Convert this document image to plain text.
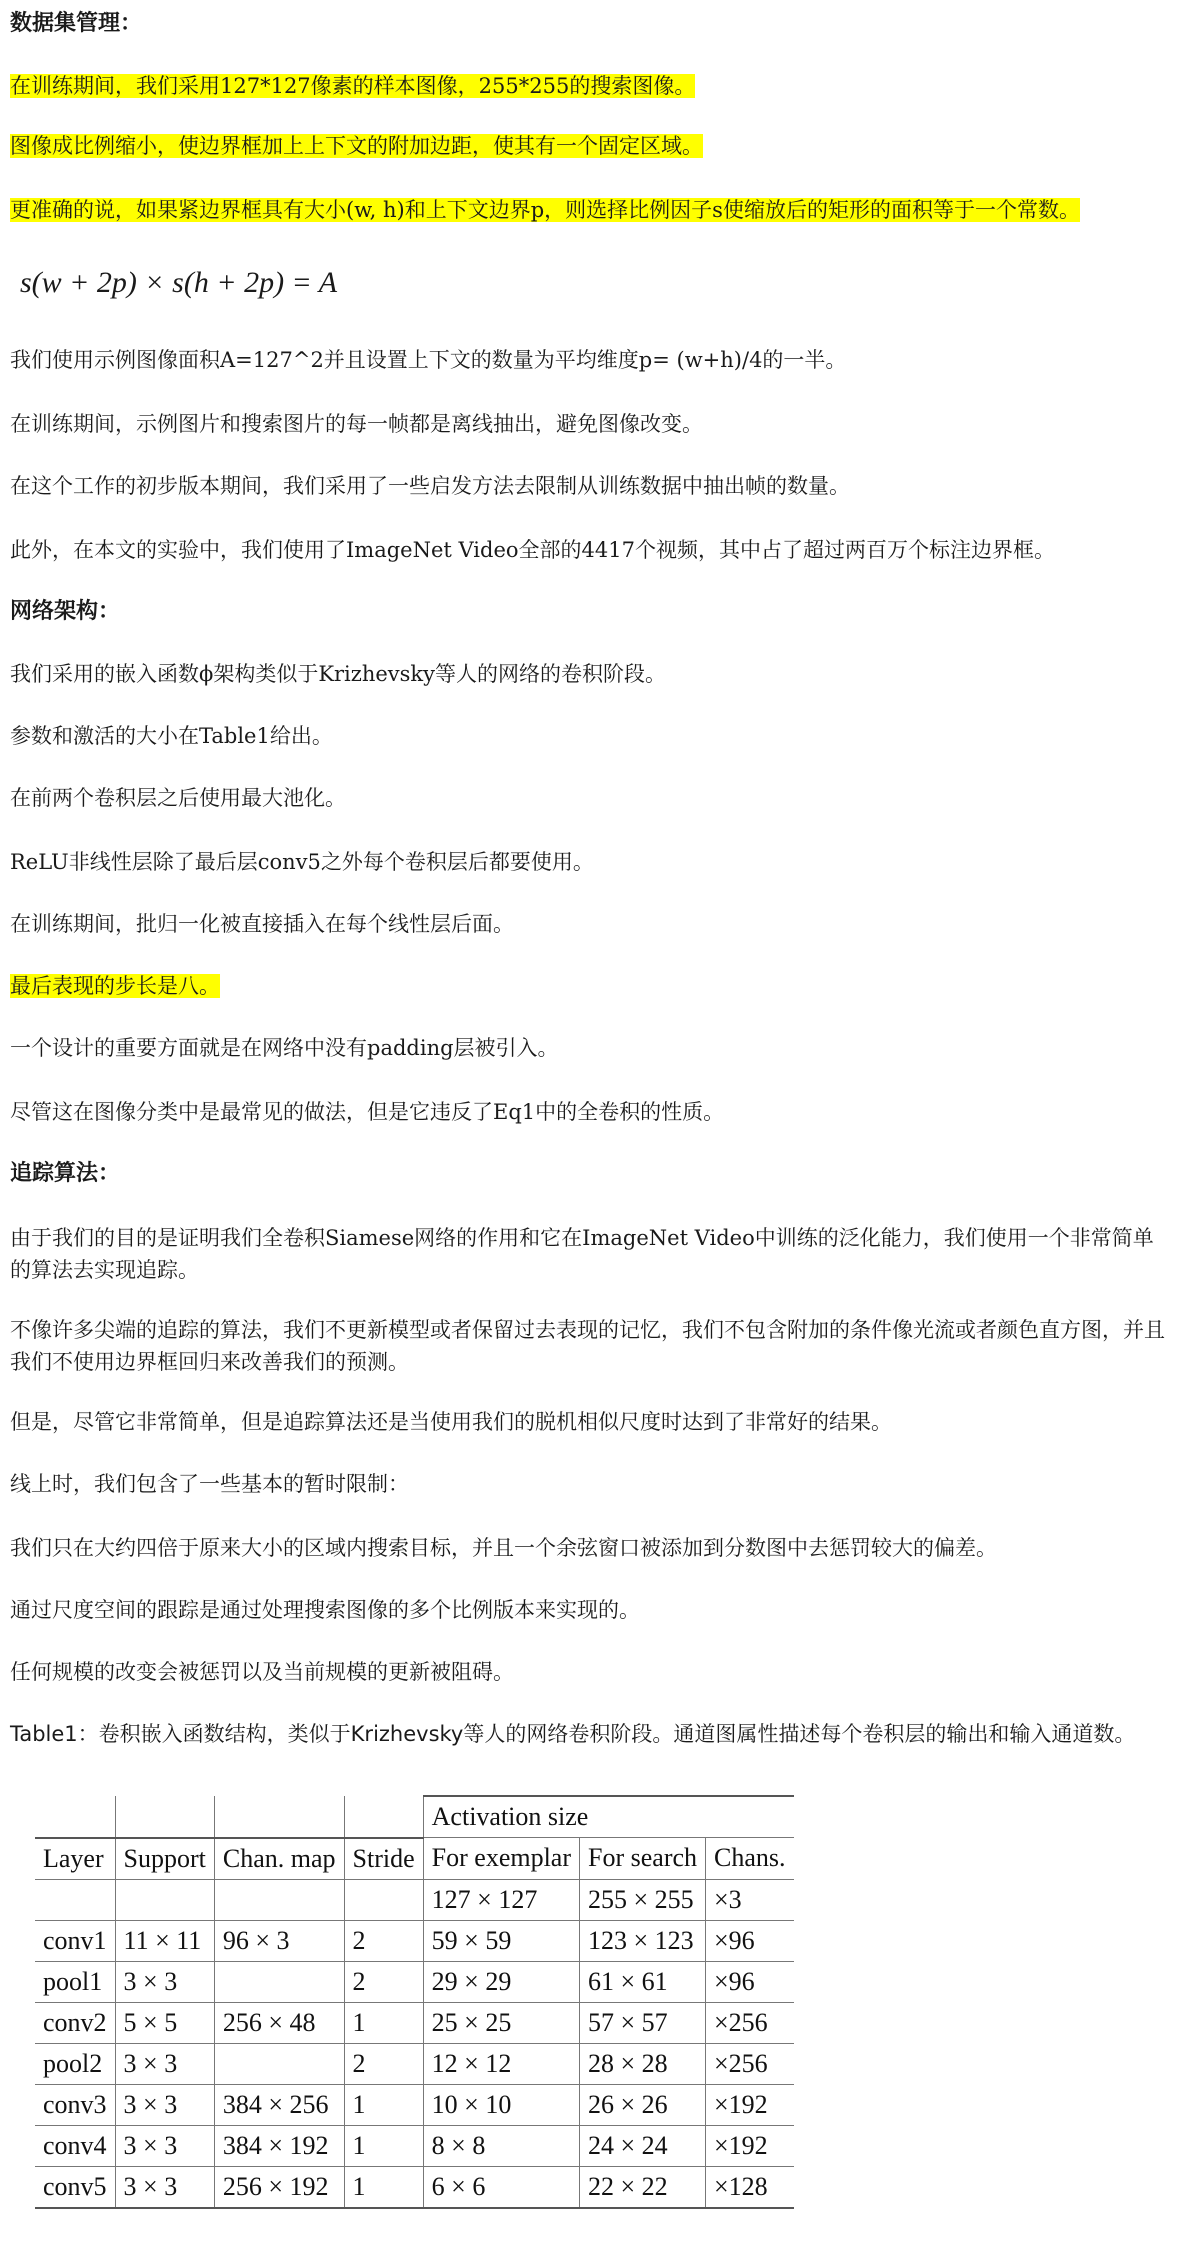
数据集管理：

在训练期间，我们采用127*127像素的样本图像，255*255的搜索图像。

图像成比例缩小，使边界框加上上下文的附加边距，使其有一个固定区域。

更准确的说，如果紧边界框具有大小(w, h)和上下文边界p，则选择比例因子s使缩放后的矩形的面积等于一个常数。

s(w + 2p) × s(h + 2p) = A

我们使用示例图像面积A=127^2并且设置上下文的数量为平均维度p= (w+h)/4的一半。

在训练期间，示例图片和搜索图片的每一帧都是离线抽出，避免图像改变。

在这个工作的初步版本期间，我们采用了一些启发方法去限制从训练数据中抽出帧的数量。

此外，在本文的实验中，我们使用了ImageNet Video全部的4417个视频，其中占了超过两百万个标注边界框。

网络架构：

我们采用的嵌入函数ϕ架构类似于Krizhevsky等人的网络的卷积阶段。

参数和激活的大小在Table1给出。

在前两个卷积层之后使用最大池化。

ReLU非线性层除了最后层conv5之外每个卷积层后都要使用。

在训练期间，批归一化被直接插入在每个线性层后面。

最后表现的步长是八。

一个设计的重要方面就是在网络中没有padding层被引入。

尽管这在图像分类中是最常见的做法，但是它违反了Eq1中的全卷积的性质。

追踪算法：

由于我们的目的是证明我们全卷积Siamese网络的作用和它在ImageNet Video中训练的泛化能力，我们使用一个非常简单的算法去实现追踪。

不像许多尖端的追踪的算法，我们不更新模型或者保留过去表现的记忆，我们不包含附加的条件像光流或者颜色直方图，并且我们不使用边界框回归来改善我们的预测。

但是，尽管它非常简单，但是追踪算法还是当使用我们的脱机相似尺度时达到了非常好的结果。

线上时，我们包含了一些基本的暂时限制：

我们只在大约四倍于原来大小的区域内搜索目标，并且一个余弦窗口被添加到分数图中去惩罚较大的偏差。

通过尺度空间的跟踪是通过处理搜索图像的多个比例版本来实现的。

任何规模的改变会被惩罚以及当前规模的更新被阻碍。

Table1：卷积嵌入函数结构，类似于Krizhevsky等人的网络卷积阶段。通道图属性描述每个卷积层的输出和输入通道数。

				Activation size		
Layer	Support	Chan. map	Stride	For exemplar	For search	Chans.
				127 × 127	255 × 255	×3
conv1	11 × 11	96 × 3	2	59 × 59	123 × 123	×96
pool1	3 × 3		2	29 × 29	61 × 61	×96
conv2	5 × 5	256 × 48	1	25 × 25	57 × 57	×256
pool2	3 × 3		2	12 × 12	28 × 28	×256
conv3	3 × 3	384 × 256	1	10 × 10	26 × 26	×192
conv4	3 × 3	384 × 192	1	8 × 8	24 × 24	×192
conv5	3 × 3	256 × 192	1	6 × 6	22 × 22	×128
